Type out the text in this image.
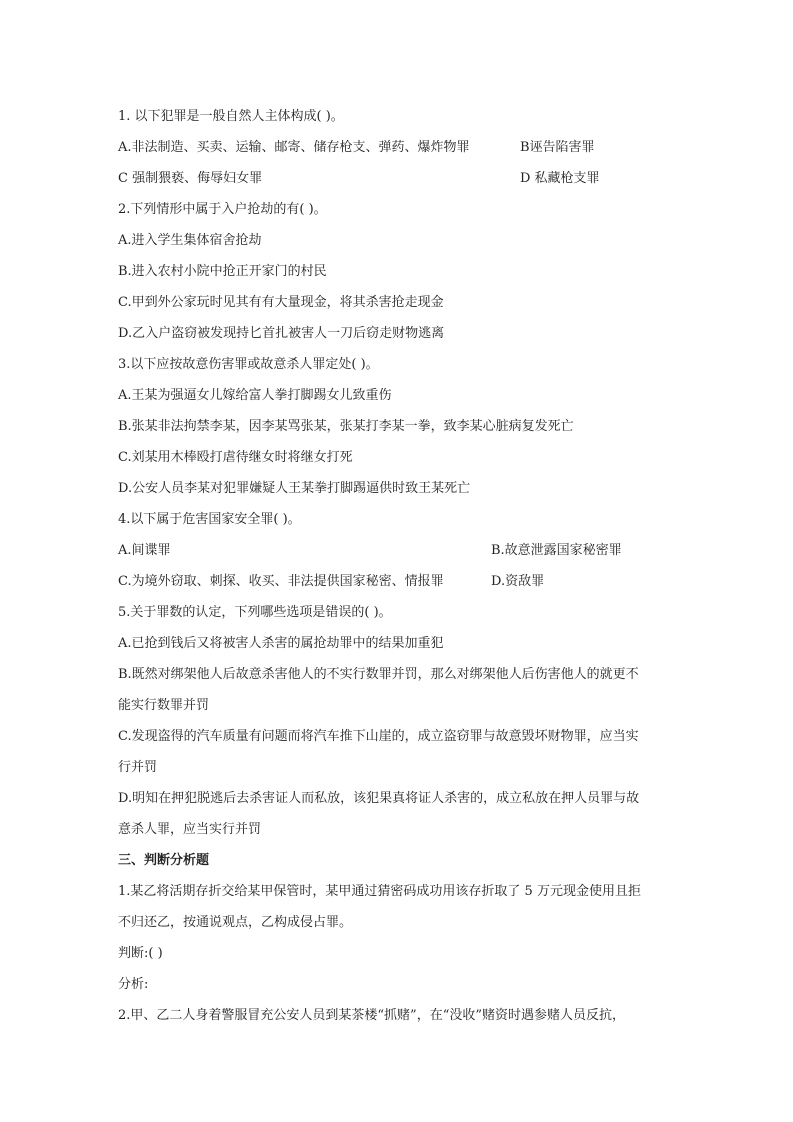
1. 以下犯罪是一般自然人主体构成( )。
A.非法制造、买卖、运输、邮寄、储存枪支、弹药、爆炸物罪	B诬告陷害罪
C 强制猥亵、侮辱妇女罪	D 私藏枪支罪
2.下列情形中属于入户抢劫的有( )。
A.进入学生集体宿舍抢劫
B.进入农村小院中抢正开家门的村民
C.甲到外公家玩时见其有有大量现金，将其杀害抢走现金
D.乙入户盗窃被发现持匕首扎被害人一刀后窃走财物逃离
3.以下应按故意伤害罪或故意杀人罪定处( )。
A.王某为强逼女儿嫁给富人拳打脚踢女儿致重伤
B.张某非法拘禁李某，因李某骂张某，张某打李某一拳，致李某心脏病复发死亡
C.刘某用木棒殴打虐待继女时将继女打死
D.公安人员李某对犯罪嫌疑人王某拳打脚踢逼供时致王某死亡
4.以下属于危害国家安全罪( )。
A.间谍罪	B.故意泄露国家秘密罪
C.为境外窃取、刺探、收买、非法提供国家秘密、情报罪	D.资敌罪
5.关于罪数的认定，下列哪些选项是错误的( )。
A.已抢到钱后又将被害人杀害的属抢劫罪中的结果加重犯
B.既然对绑架他人后故意杀害他人的不实行数罪并罚，那么对绑架他人后伤害他人的就更不
能实行数罪并罚
C.发现盗得的汽车质量有问题而将汽车推下山崖的，成立盗窃罪与故意毁坏财物罪，应当实
行并罚
D.明知在押犯脱逃后去杀害证人而私放，该犯果真将证人杀害的，成立私放在押人员罪与故
意杀人罪，应当实行并罚
三、判断分析题
1.某乙将活期存折交给某甲保管时，某甲通过猜密码成功用该存折取了 5 万元现金使用且拒
不归还乙，按通说观点，乙构成侵占罪。
判断:( )
分析:
2.甲、乙二人身着警服冒充公安人员到某茶楼“抓赌”，在“没收”赌资时遇参赌人员反抗，
